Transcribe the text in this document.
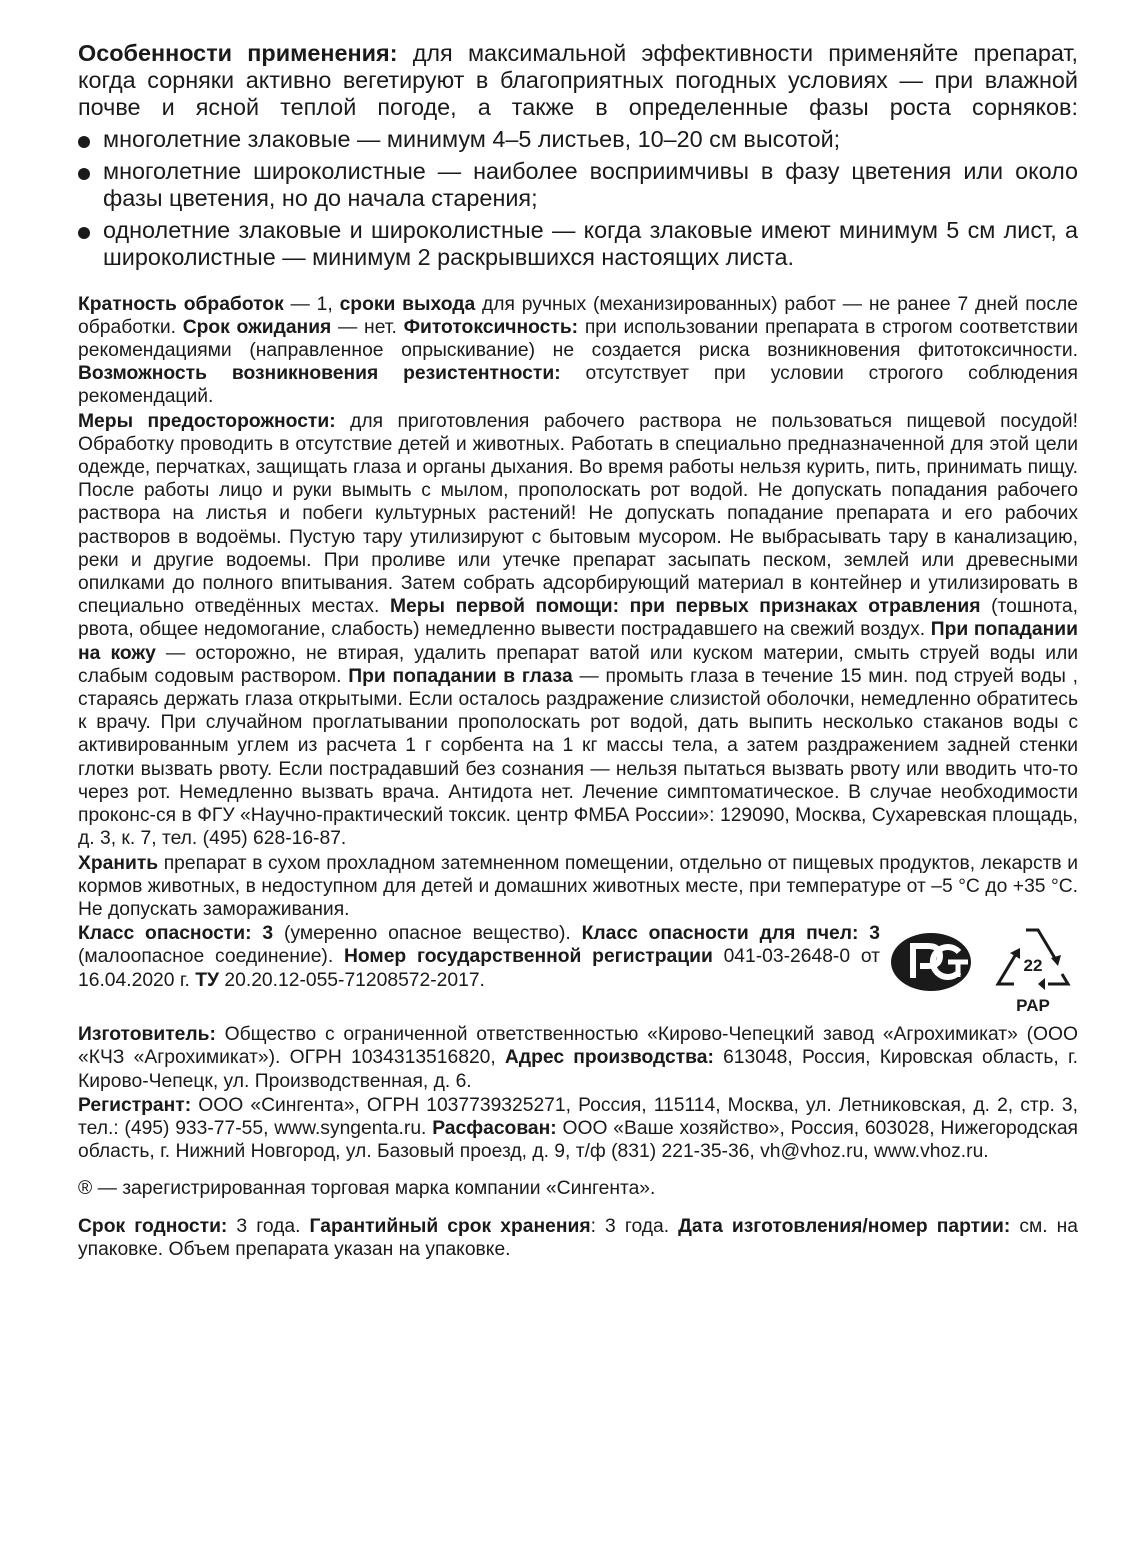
Особенности применения: для максимальной эффективности применяйте препарат, когда сорняки активно вегетируют в благоприятных погодных условиях — при влажной почве и ясной теплой погоде, а также в определенные фазы роста сорняков:

многолетние злаковые — минимум 4–5 листьев, 10–20 см высотой;
многолетние широколистные — наиболее восприимчивы в фазу цветения или около фазы цветения, но до начала старения;
однолетние злаковые и широколистные — когда злаковые имеют минимум 5 см лист, а широколистные — минимум 2 раскрывшихся настоящих листа.

Кратность обработок — 1, сроки выхода для ручных (механизированных) работ — не ранее 7 дней после обработки. Срок ожидания — нет. Фитотоксичность: при использовании препарата в строгом соответствии рекомендациями (направленное опрыскивание) не создается риска возникновения фитотоксичности. Возможность возникновения резистентности: отсутствует при условии строгого соблюдения рекомендаций.

Меры предосторожности: для приготовления рабочего раствора не пользоваться пищевой посудой! Обработку проводить в отсутствие детей и животных. Работать в специально предназначенной для этой цели одежде, перчатках, защищать глаза и органы дыхания. Во время работы нельзя курить, пить, принимать пищу. После работы лицо и руки вымыть с мылом, прополоскать рот водой. Не допускать попадания рабочего раствора на листья и побеги культурных растений! Не допускать попадание препарата и его рабочих растворов в водоёмы. Пустую тару утилизируют с бытовым мусором. Не выбрасывать тару в канализацию, реки и другие водоемы. При проливе или утечке препарат засыпать песком, землей или древесными опилками до полного впитывания. Затем собрать адсорбирующий материал в контейнер и утилизировать в специально отведённых местах. Меры первой помощи: при первых признаках отравления (тошнота, рвота, общее недомогание, слабость) немедленно вывести пострадавшего на свежий воздух. При попадании на кожу — осторожно, не втирая, удалить препарат ватой или куском материи, смыть струей воды или слабым содовым раствором. При попадании в глаза — промыть глаза в течение 15 мин. под струей воды , стараясь держать глаза открытыми. Если осталось раздражение слизистой оболочки, немедленно обратитесь к врачу. При случайном проглатывании прополоскать рот водой, дать выпить несколько стаканов воды с активированным углем из расчета 1 г сорбента на 1 кг массы тела, а затем раздражением задней стенки глотки вызвать рвоту. Если пострадавший без сознания — нельзя пытаться вызвать рвоту или вводить что-то через рот. Немедленно вызвать врача. Антидота нет. Лечение симптоматическое. В случае необходимости проконс-ся в ФГУ «Научно-практический токсик. центр ФМБА России»: 129090, Москва, Сухаревская площадь, д. 3, к. 7, тел. (495) 628-16-87.

Хранить препарат в сухом прохладном затемненном помещении, отдельно от пищевых продуктов, лекарств и кормов животных, в недоступном для детей и домашних животных месте, при температуре от –5 °С до +35 °С. Не допускать замораживания.

Класс опасности: 3 (умеренно опасное вещество). Класс опасности для пчел: 3 (малоопасное соединение). Номер государственной регистрации 041-03-2648-0 от 16.04.2020 г. ТУ 20.20.12-055-71208572-2017.

22
PAP

Изготовитель: Общество с ограниченной ответственностью «Кирово-Чепецкий завод «Агрохимикат» (ООО «КЧЗ «Агрохимикат»). ОГРН 1034313516820, Адрес производства: 613048, Россия, Кировская область, г. Кирово-Чепецк, ул. Производственная, д. 6.

Регистрант: ООО «Сингента», ОГРН 1037739325271, Россия, 115114, Москва, ул. Летниковская, д. 2, стр. 3, тел.: (495) 933-77-55, www.syngenta.ru. Расфасован: ООО «Ваше хозяйство», Россия, 603028, Нижегородская область, г. Нижний Новгород, ул. Базовый проезд, д. 9, т/ф (831) 221-35-36, vh@vhoz.ru, www.vhoz.ru.

® — зарегистрированная торговая марка компании «Сингента».

Срок годности: 3 года. Гарантийный срок хранения: 3 года. Дата изготовления/номер партии: см. на упаковке. Объем препарата указан на упаковке.
